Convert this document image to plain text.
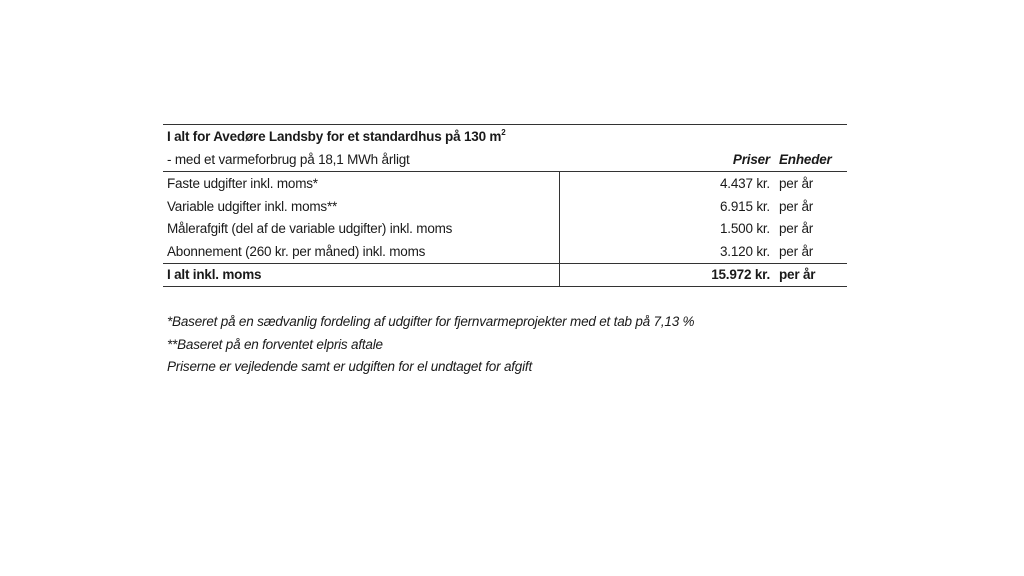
I alt for Avedøre Landsby for et standardhus på 130 $m^2$
- med et varmeforbrug på 18,1 MWh årligt	Priser Enheder
Faste udgifter inkl. moms*	4.437 kr. per år
Variable udgifter inkl. moms**	6.915 kr. per år
Målerafgift (del af de variable udgifter) inkl. moms	1.500 kr. per år
Abonnement (260 kr. per måned) inkl. moms	3.120 kr. per år
I alt inkl. moms	15.972 kr. per år
*Baseret på en sædvanlig fordeling af udgifter for fjernvarmeprojekter med et tab på 7,13 %
**Baseret på en forventet elpris aftale
Priserne er vejledende samt er udgiften for el undtaget for afgift
